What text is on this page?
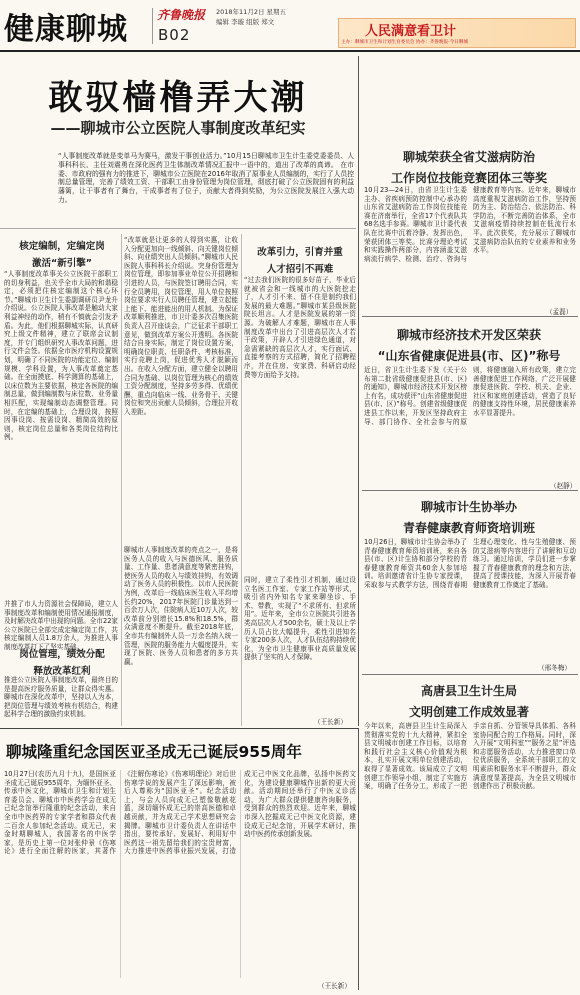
健康聊城 齐鲁晚报 2018年11月2日 星期五
编辑 李璇 组版 郑文
B02	人民满意看卫计
主办：聊城市卫生和计划生育委员会 协办：齐鲁晚报·今日聊城
敢驭樯橹弄大潮
——聊城市公立医院人事制度改革纪实
“人事制度改革就是变单马为赛马，激发干事创业活力。”10月15日聊城市卫生计生委党委委员、人事科科长、主任刘震勇在深化医药卫生体制改革情况汇报中一语中的，道出了改革的真谛。 在市委、市政府的强有力的推进下，聊城市公立医院在2016年取消了原事业人员编制的，实行了人员控制总量管理，完善了绩效工资、干部职工由身份管理为岗位管理，彻底打破了公立医院固有的利益藩篱，让干事者有了舞台，干成事者有了位子，贡献大者得到奖励，为公立医院发展注入强大动力。
核定编制，定编定岗
激活“新引擎”
“人事制度改革事关公立医院干部职工的切身利益，也关乎全市大局的和谐稳定，必须把住核定编制这个核心环节。”聊城市卫生计生委副调研员尹龙升介绍说。公立医院人事改革是触动大家利益神经的动作，稍有不慎就会引发矛盾。为此，他们根据聊城实际，认真研究上级文件精神，建立了联席会议制度，并专门组织研究人事改革问题，进行文件会签。依据全市医疗机构设置规划，明确了不同医院的功能定位、编制规模、学科设置，为人事改革奠定基础。在全面摸底、科学测算的基础上，以床位数为主要依据，核定各医院的编制总量，做到编制数与床位数、业务量相匹配，实现编制动态调整管理。同时，在定编的基础上，合理设岗，按照因事设岗、按需设岗、精简高效的原则，核定岗位总量和各类岗位结构比例。
并推了市人力资源社会保障局，建立人事制度改革和编制使用情况通报制度，及时解决改革中出现的问题。全市22家公立医院已全部完成定编定岗工作，共核定编制人员1.8万余人，为推进人事制度改革打下了坚实基础。
岗位管理，绩效分配
释放改革红利
推进公立医院人事制度改革，最终目的是提高医疗服务质量，让群众得实惠。聊城市在深化改革中，坚持以人为本，把岗位管理与绩效考核有机结合，构建起科学合理的激励约束机制。
“改革就是让更多的人得到实惠，让收入分配更加向一线倾斜、向关键岗位倾斜、向业绩突出人员倾斜。”聊城市人民医院人事科科长介绍说。突身份管理为岗位管理，即参加事业单位公开招聘和引进的人员，与医院签订聘用合同，实行全员聘用，岗位管理，用人单位按照岗位要求实行人员聘任管理，建立起能上能下、能进能出的用人机制。为保证改革顺利推进，市卫计委多次召集医院负责人召开座谈会，广泛征求干部职工意见，做到改革方案公开透明。各医院结合自身实际，制定了岗位设置方案，明确岗位职责、任职条件、考核标准，实行竞聘上岗，促进优秀人才脱颖而出。在收入分配方面，建立健全以聘用合同为基础、以岗位管理为核心的绩效工资分配制度，坚持多劳多得、优绩优酬，重点向临床一线、业务骨干、关键岗位和突出贡献人员倾斜，合理拉开收入差距。
聊城市人事制度改革的亮点之一，是将医务人员的收入与医德医风、服务质量、工作量、患者满意度等紧密挂钩，使医务人员的收入与绩效挂钩，有效调动了医务人员的积极性。以市人民医院为例，改革后一线临床医生收入平均增长约20%，2017年医院门诊量达到一百余万人次，住院病人近10万人次，较改革前分别增长15.8%和18.5%，群众满意度不断提升。截至2018年底，全市共有编制外人员一万余名纳入统一管理，医院的服务能力大幅度提升，实现了医院、医务人员和患者的多方共赢。
改革引力，引育并重
人才招引不再难
“过去我们医院的很多好苗子，毕业后就被省会和一线城市的大医院挖走了，人才引不来、留不住是制约我们发展的最大难题。”聊城市某县级医院院长坦言。人才是医院发展的第一资源。为破解人才难题，聊城市在人事制度改革中出台了引进高层次人才若干政策，开辟人才引进绿色通道，对急需紧缺的高层次人才，实行面试、直接考察的方式招聘，简化了招聘程序，并在住房、安家费、科研启动经费等方面给予支持。
同时，建立了柔性引才机制，通过设立名医工作室、专家工作站等形式，吸引省内外知名专家来聊坐诊、手术、带教，实现了“不求所有、但求所用”。近年来，全市公立医院共引进各类高层次人才500余名，硕士及以上学历人员占比大幅提升，柔性引进知名专家200多人次，人才队伍结构持续优化，为全市卫生健康事业高质量发展提供了坚实的人才保障。
（王长新）
聊城荣获全省艾滋病防治
工作岗位技能竞赛团体三等奖
10月23—24日，由省卫生计生委主办、省疾病预防控制中心承办的山东省艾滋病防治工作岗位技能竞赛在济南举行，全省17个代表队共68名选手参赛。聊城市卫计委代表队在比赛中沉着冷静、发挥出色，荣获团体三等奖。比赛分理论考试和实践操作两部分，内容涵盖艾滋病流行病学、检测、治疗、咨询与健康教育等内容。近年来，聊城市高度重视艾滋病防治工作，坚持预防为主、防治结合、依法防治、科学防治，不断完善防治体系，全市艾滋病疫情持续控制在低流行水平。此次获奖，充分展示了聊城市艾滋病防治队伍的专业素养和业务水平。
（孟磊）
聊城市经济技术开发区荣获
“山东省健康促进县(市、区)”称号
近日，省卫生计生委下发《关于公布第二批省级健康促进县(市、区)的通知》，聊城市经济技术开发区榜上有名，成功获评“山东省健康促进县(市、区)”称号。创建省级健康促进县工作以来，开发区坚持政府主导、部门协作、全社会参与的原则，将健康融入所有政策，建立完善健康促进工作网络，广泛开展健康促进医院、学校、机关、企业、社区和家庭创建活动，营造了良好的健康支持性环境，居民健康素养水平显著提升。
（赵静）
聊城市计生协举办
青春健康教育师资培训班
10月26日，聊城市计生协会举办了青春健康教育师资培训班，来自各县(市、区)计生协和部分学校的青春健康教育师资共60余人参加培训。培训邀请省计生协专家授课，采取参与式教学方法，围绕青春期生理心理变化、性与生殖健康、预防艾滋病等内容进行了讲解和互动练习。通过培训，学员们进一步掌握了青春健康教育的理念和方法，提高了授课技能，为深入开展青春健康教育工作奠定了基础。
（邢冬梅）
高唐县卫生计生局
文明创建工作成效显著
今年以来，高唐县卫生计生局深入贯彻落实党的十九大精神，紧扣全县文明城市创建工作目标，以培育和践行社会主义核心价值观为根本，扎实开展文明单位创建活动，取得了显著成效。该局成立了文明创建工作领导小组，制定了实施方案，明确了任务分工，形成了一把手亲自抓、分管领导具体抓、各科室协同配合的工作格局。同时，深入开展“文明科室”“服务之星”评选和志愿服务活动，大力推进窗口单位优质服务，全系统干部职工的文明素质和服务水平不断提升，群众满意度显著提高，为全县文明城市创建作出了积极贡献。
聊城隆重纪念国医亚圣成无己诞辰955周年
10月27日(农历九月十九)，是国医亚圣成无己诞辰955周年，为缅怀亚圣、传承中医文化，聊城市卫生和计划生育委员会、聊城市中医药学会在成无己纪念馆举行隆重的纪念活动，来自全市中医药界的专家学者和群众代表二百余人参加纪念活动。成无己，宋金时期聊城人，我国著名的中医学家，是历史上第一位对张仲景《伤寒论》进行全面注解的医家，其著作《注解伤寒论》《伤寒明理论》对后世伤寒学说的发展产生了深远影响，被后人尊称为“国医亚圣”。纪念活动上，与会人员向成无己塑像敬献花篮，深切缅怀成无己的崇高医德和卓越贡献，并为成无己学术思想研究会揭牌。聊城市卫计委负责人在讲话中指出，要传承好、发展好、利用好中医药这一祖先留给我们的宝贵财富，大力推进中医药事业振兴发展，打造成无己中医文化品牌，弘扬中医药文化，为建设健康聊城作出新的更大贡献。活动期间还举行了中医义诊活动，为广大群众提供健康咨询服务，受到群众的热烈欢迎。近年来，聊城市深入挖掘成无己中医文化资源，建设成无己纪念馆，开展学术研讨，推动中医药传承创新发展。
（王长新）
